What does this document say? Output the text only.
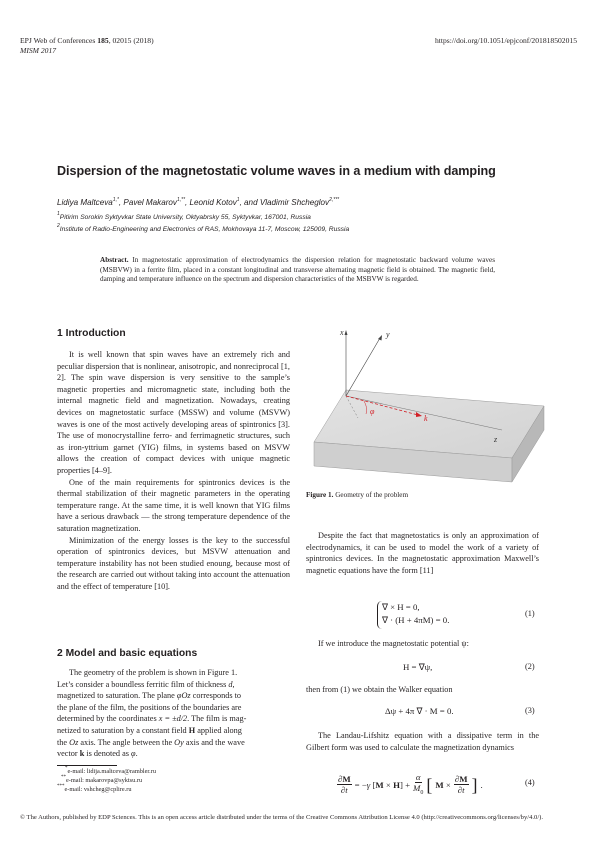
EPJ Web of Conferences 185, 02015 (2018)
MISM 2017
https://doi.org/10.1051/epjconf/201818502015
Dispersion of the magnetostatic volume waves in a medium with damping
Lidiya Maltceva$^{1,*}$, Pavel Makarov$^{1,**}$, Leonid Kotov$^1$, and Vladimir Shcheglov$^{2,***}$
$^1$Pitirim Sorokin Syktyvkar State University, Oktyabrsky 55, Syktyvkar, 167001, Russia
$^2$Institute of Radio-Engineering and Electronics of RAS, Mokhovaya 11-7, Moscow, 125009, Russia
Abstract. In magnetostatic approximation of electrodynamics the dispersion relation for magnetostatic backward volume waves (MSBVW) in a ferrite film, placed in a constant longitudinal and transverse alternating magnetic field is obtained. The magnetic field, damping and temperature influence on the spectrum and dispersion characteristics of the MSBVW is regarded.
1 Introduction

It is well known that spin waves have an extremely rich and peculiar dispersion that is nonlinear, anisotropic, and nonreciprocal [1, 2]. The spin wave dispersion is very sensitive to the sample’s magnetic properties and micromagnetic state, including both the internal magnetic field and magnetization. Nowadays, creating devices on magnetostatic surface (MSSW) and volume (MSVW) waves is one of the most actively developing areas of spintronics [3]. The use of monocrystalline ferro- and ferrimagnetic structures, such as iron-yttrium garnet (YIG) films, in systems based on MSVW allows the creation of compact devices with unique magnetic properties [4–9].

One of the main requirements for spintronics devices is the thermal stabilization of their magnetic parameters in the operating temperature range. At the same time, it is well known that YIG films have a serious drawback — the strong temperature dependence of the saturation magnetization.

Minimization of the energy losses is the key to the successful operation of spintronics devices, but MSVW attenuation and temperature instability has not been studied enoung, because most of the research are carried out without taking into account the attenuation and the effect of temperature [10].

2 Model and basic equations
The geometry of the problem is shown in Figure 1.
Let’s consider a boundless ferritic film of thickness d,
magnetized to saturation. The plane φOz corresponds to
the plane of the film, the positions of the boundaries are
determined by the coordinates x = ±d/2. The film is mag-
netized to saturation by a constant field H applied along
the Oz axis. The angle between the Oy axis and the wave
vector k is denoted as φ.
*e-mail: lidija.maltceva@rambler.ru
**e-mail: makarovpa@syktsu.ru
***e-mail: vshcheg@cplire.ru
x	y
z
k
φ
Figure 1. Geometry of the problem

Despite the fact that magnetostatics is only an approximation of electrodynamics, it can be used to model the work of a variety of spintronics devices. In the magnetostatic approximation Maxwell’s magnetic equations have the form [11]

∇ × H = 0,
∇ · (H + 4πM) = 0.
(1)

If we introduce the magnetostatic potential ψ:

H = ∇ψ,	(2)
then from (1) we obtain the Walker equation
Δψ + 4π ∇ · M = 0.	(3)

The Landau-Lifshitz equation with a dissipative term in the Gilbert form was used to calculate the magnetization dynamics

$\frac{\partial M}{\partial t} = -\gamma$ $[M \times H] + \frac{\alpha}{M_0}$ [ $M \times \frac{\partial M}{\partial t}$ ] .	(4)
© The Authors, published by EDP Sciences. This is an open access article distributed under the terms of the Creative Commons Attribution License 4.0 (http://creativecommons.org/licenses/by/4.0/).
